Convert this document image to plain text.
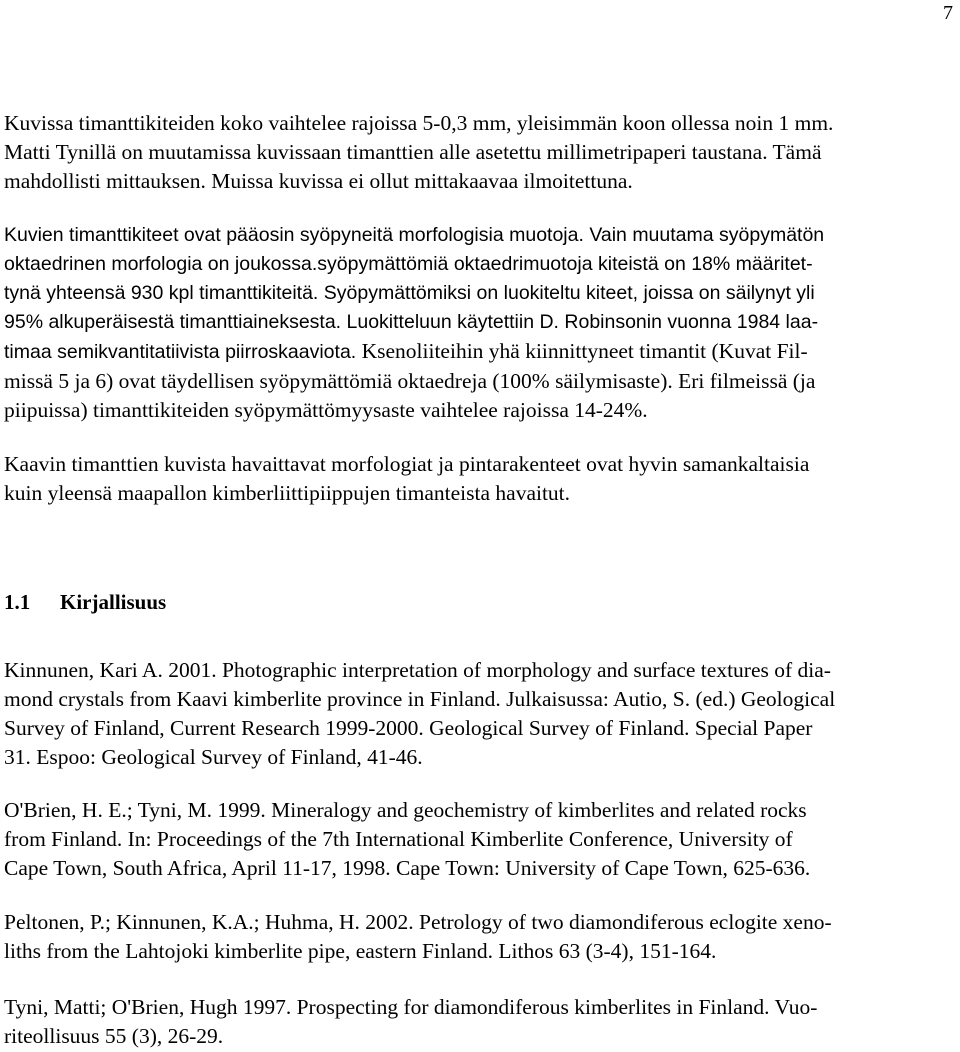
7

Kuvissa timanttikiteiden koko vaihtelee rajoissa 5-0,3 mm, yleisimmän koon ollessa noin 1 mm.
Matti Tynillä on muutamissa kuvissaan timanttien alle asetettu millimetripaperi taustana. Tämä
mahdollisti mittauksen. Muissa kuvissa ei ollut mittakaavaa ilmoitettuna.

Kuvien timanttikiteet ovat pääosin syöpyneitä morfologisia muotoja. Vain muutama syöpymätön
oktaedrinen morfologia on joukossa.syöpymättömiä oktaedrimuotoja kiteistä on 18% määritet-
tynä yhteensä 930 kpl timanttikiteitä. Syöpymättömiksi on luokiteltu kiteet, joissa on säilynyt yli
95% alkuperäisestä timanttiaineksesta. Luokitteluun käytettiin D. Robinsonin vuonna 1984 laa-
timaa semikvantitatiivista piirroskaaviota. Ksenoliiteihin yhä kiinnittyneet timantit (Kuvat Fil-
missä 5 ja 6) ovat täydellisen syöpymättömiä oktaedreja (100% säilymisaste). Eri filmeissä (ja
piipuissa) timanttikiteiden syöpymättömyysaste vaihtelee rajoissa 14-24%.

Kaavin timanttien kuvista havaittavat morfologiat ja pintarakenteet ovat hyvin samankaltaisia
kuin yleensä maapallon kimberliittipiippujen timanteista havaitut.

1.1 Kirjallisuus

Kinnunen, Kari A. 2001. Photographic interpretation of morphology and surface textures of dia-
mond crystals from Kaavi kimberlite province in Finland. Julkaisussa: Autio, S. (ed.) Geological
Survey of Finland, Current Research 1999-2000. Geological Survey of Finland. Special Paper
31. Espoo: Geological Survey of Finland, 41-46.

O'Brien, H. E.; Tyni, M. 1999. Mineralogy and geochemistry of kimberlites and related rocks
from Finland. In: Proceedings of the 7th International Kimberlite Conference, University of
Cape Town, South Africa, April 11-17, 1998. Cape Town: University of Cape Town, 625-636.

Peltonen, P.; Kinnunen, K.A.; Huhma, H. 2002. Petrology of two diamondiferous eclogite xeno-
liths from the Lahtojoki kimberlite pipe, eastern Finland. Lithos 63 (3-4), 151-164.

Tyni, Matti; O'Brien, Hugh 1997. Prospecting for diamondiferous kimberlites in Finland. Vuo-
riteollisuus 55 (3), 26-29.
